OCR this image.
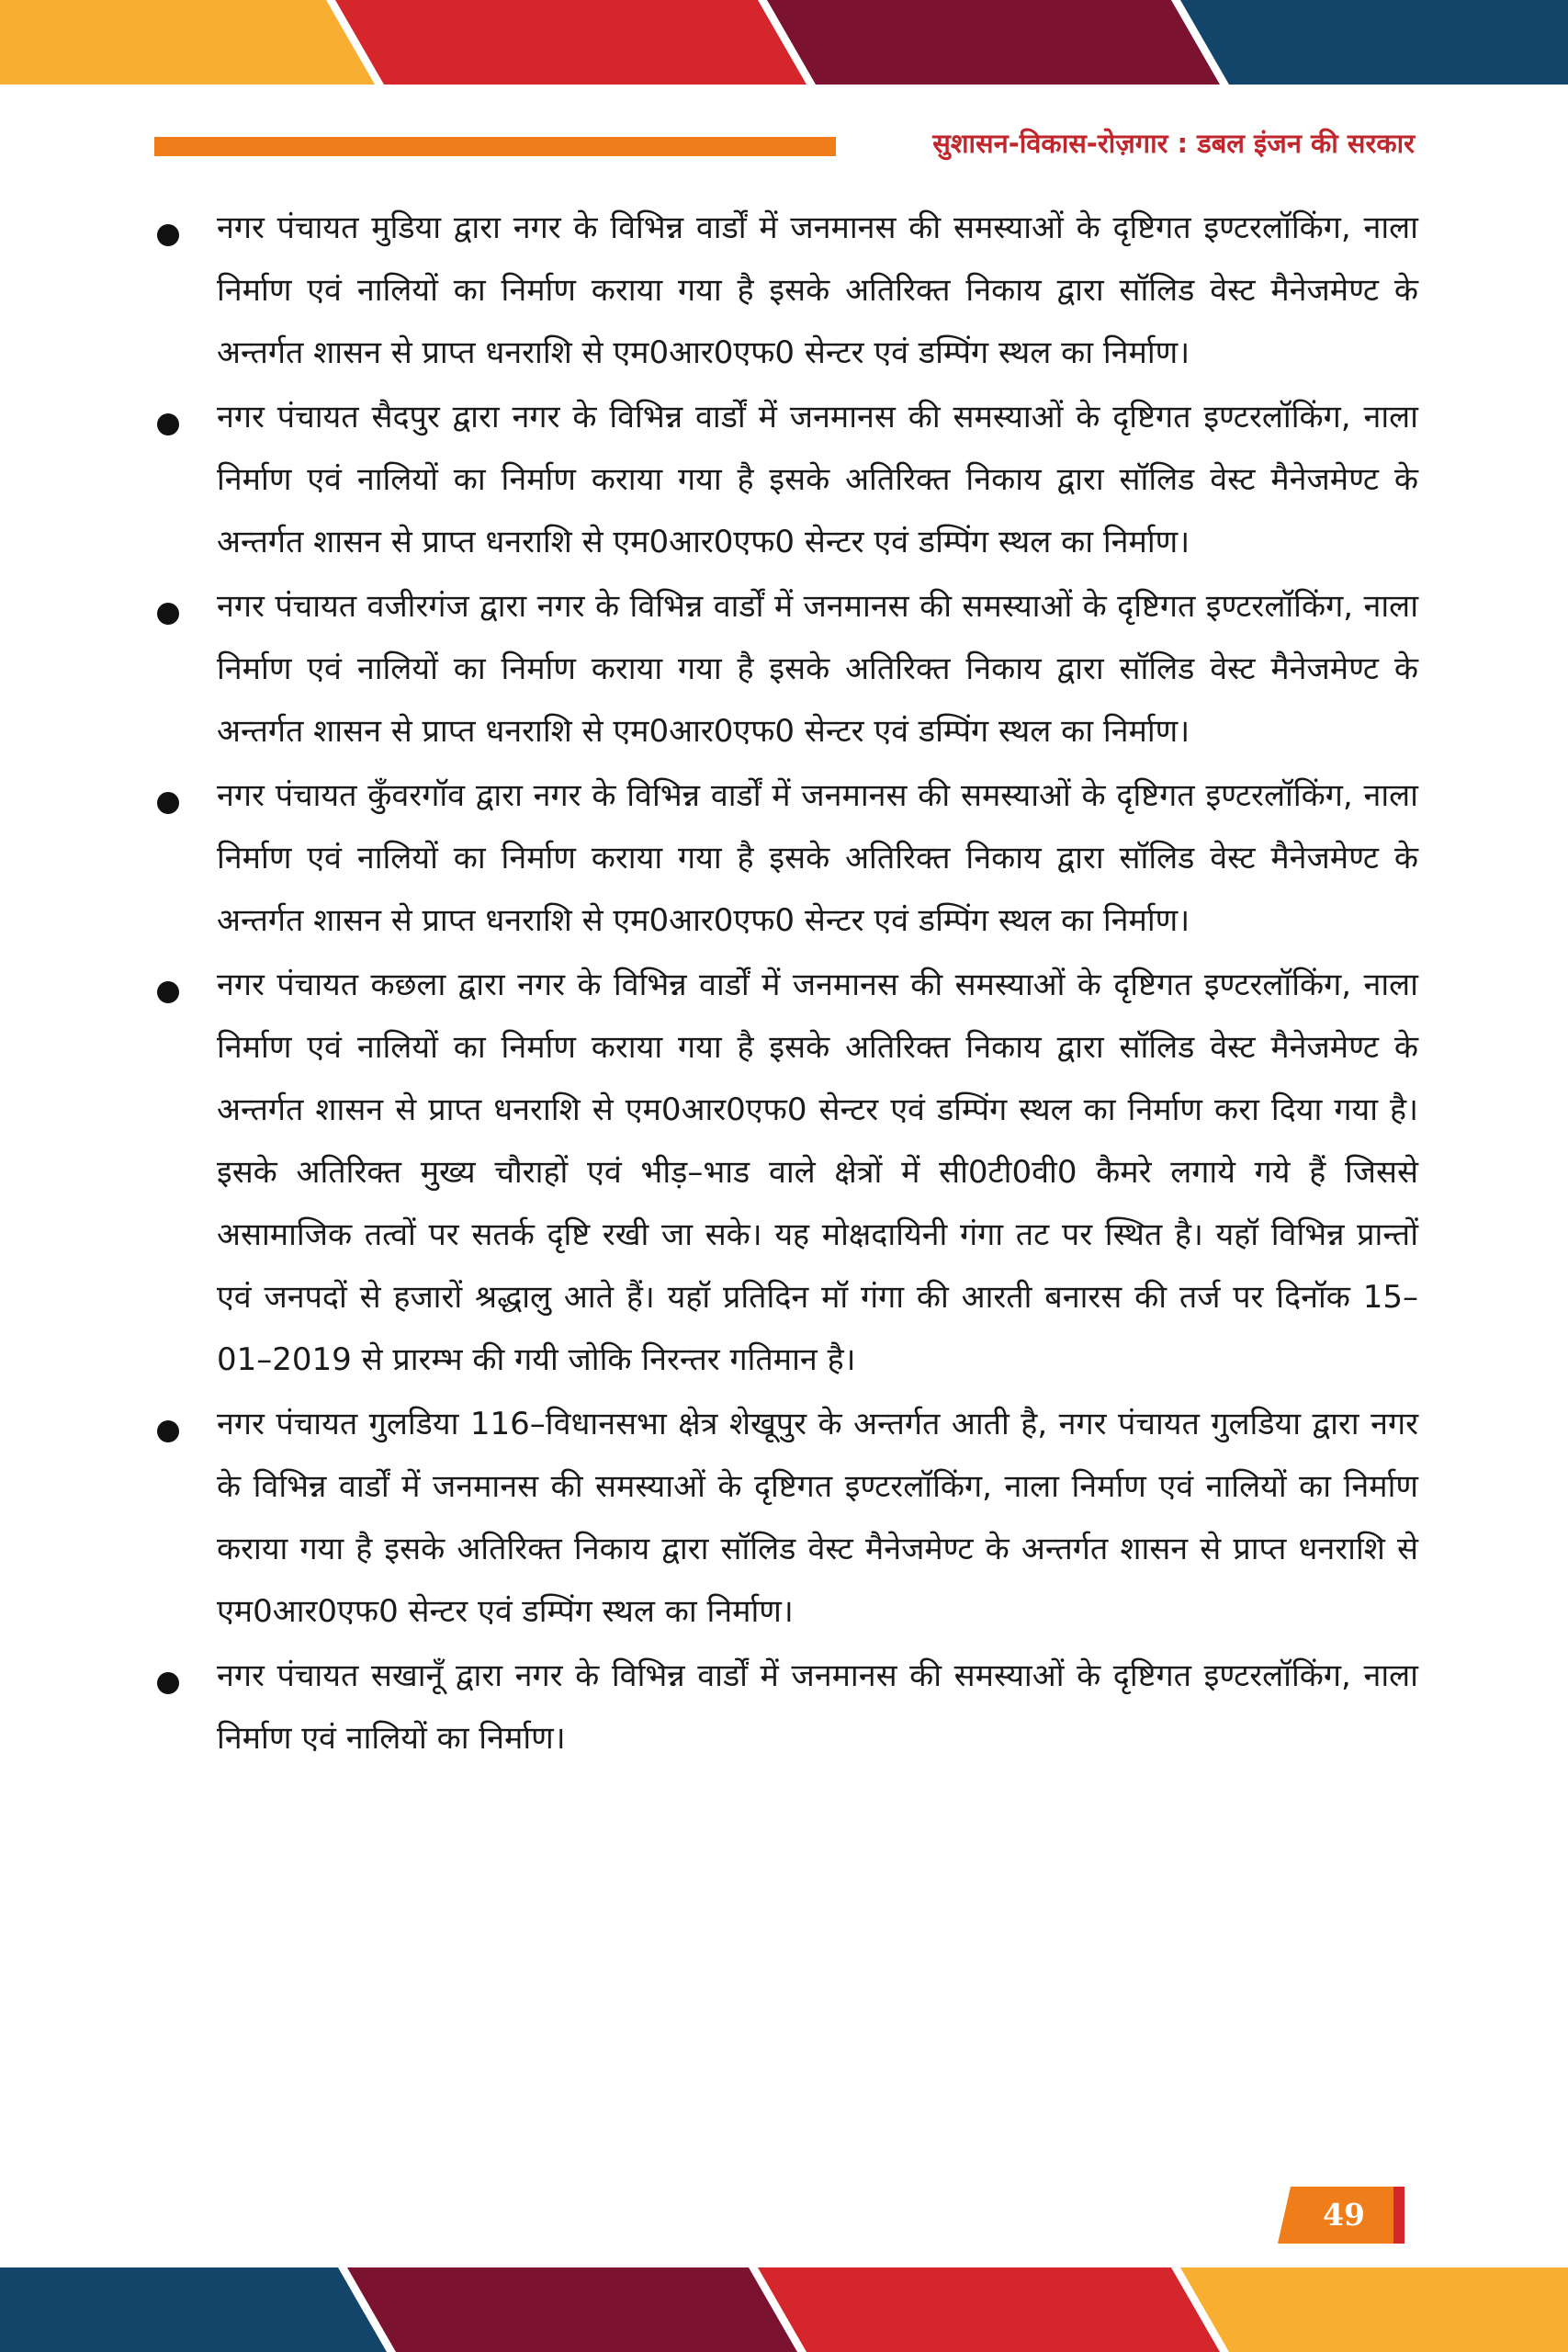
सुशासन-विकास-रोज़गार : डबल इंजन की सरकार
नगर पंचायत मुडिया द्वारा नगर के विभिन्न वार्डों में जनमानस की समस्याओं के दृष्टिगत इण्टरलॉकिंग, नाला निर्माण एवं नालियों का निर्माण कराया गया है इसके अतिरिक्त निकाय द्वारा सॉलिड वेस्ट मैनेजमेण्ट के अन्तर्गत शासन से प्राप्त धनराशि से एम0आर0एफ0 सेन्टर एवं डम्पिंग स्थल का निर्माण।
नगर पंचायत सैदपुर द्वारा नगर के विभिन्न वार्डों में जनमानस की समस्याओं के दृष्टिगत इण्टरलॉकिंग, नाला निर्माण एवं नालियों का निर्माण कराया गया है इसके अतिरिक्त निकाय द्वारा सॉलिड वेस्ट मैनेजमेण्ट के अन्तर्गत शासन से प्राप्त धनराशि से एम0आर0एफ0 सेन्टर एवं डम्पिंग स्थल का निर्माण।
नगर पंचायत वजीरगंज द्वारा नगर के विभिन्न वार्डों में जनमानस की समस्याओं के दृष्टिगत इण्टरलॉकिंग, नाला निर्माण एवं नालियों का निर्माण कराया गया है इसके अतिरिक्त निकाय द्वारा सॉलिड वेस्ट मैनेजमेण्ट के अन्तर्गत शासन से प्राप्त धनराशि से एम0आर0एफ0 सेन्टर एवं डम्पिंग स्थल का निर्माण।
नगर पंचायत कुँवरगॉव द्वारा नगर के विभिन्न वार्डों में जनमानस की समस्याओं के दृष्टिगत इण्टरलॉकिंग, नाला निर्माण एवं नालियों का निर्माण कराया गया है इसके अतिरिक्त निकाय द्वारा सॉलिड वेस्ट मैनेजमेण्ट के अन्तर्गत शासन से प्राप्त धनराशि से एम0आर0एफ0 सेन्टर एवं डम्पिंग स्थल का निर्माण।
नगर पंचायत कछला द्वारा नगर के विभिन्न वार्डों में जनमानस की समस्याओं के दृष्टिगत इण्टरलॉकिंग, नाला निर्माण एवं नालियों का निर्माण कराया गया है इसके अतिरिक्त निकाय द्वारा सॉलिड वेस्ट मैनेजमेण्ट के अन्तर्गत शासन से प्राप्त धनराशि से एम0आर0एफ0 सेन्टर एवं डम्पिंग स्थल का निर्माण करा दिया गया है। इसके अतिरिक्त मुख्य चौराहों एवं भीड़–भाड वाले क्षेत्रों में सी0टी0वी0 कैमरे लगाये गये हैं जिससे असामाजिक तत्वों पर सतर्क दृष्टि रखी जा सके। यह मोक्षदायिनी गंगा तट पर स्थित है। यहॉ विभिन्न प्रान्तों एवं जनपदों से हजारों श्रद्धालु आते हैं। यहॉ प्रतिदिन मॉ गंगा की आरती बनारस की तर्ज पर दिनॉक 15–01–2019 से प्रारम्भ की गयी जोकि निरन्तर गतिमान है।
नगर पंचायत गुलडिया 116–विधानसभा क्षेत्र शेखूपुर के अन्तर्गत आती है, नगर पंचायत गुलडिया द्वारा नगर के विभिन्न वार्डों में जनमानस की समस्याओं के दृष्टिगत इण्टरलॉकिंग, नाला निर्माण एवं नालियों का निर्माण कराया गया है इसके अतिरिक्त निकाय द्वारा सॉलिड वेस्ट मैनेजमेण्ट के अन्तर्गत शासन से प्राप्त धनराशि से एम0आर0एफ0 सेन्टर एवं डम्पिंग स्थल का निर्माण।
नगर पंचायत सखानूँ द्वारा नगर के विभिन्न वार्डों में जनमानस की समस्याओं के दृष्टिगत इण्टरलॉकिंग, नाला निर्माण एवं नालियों का निर्माण।
49
